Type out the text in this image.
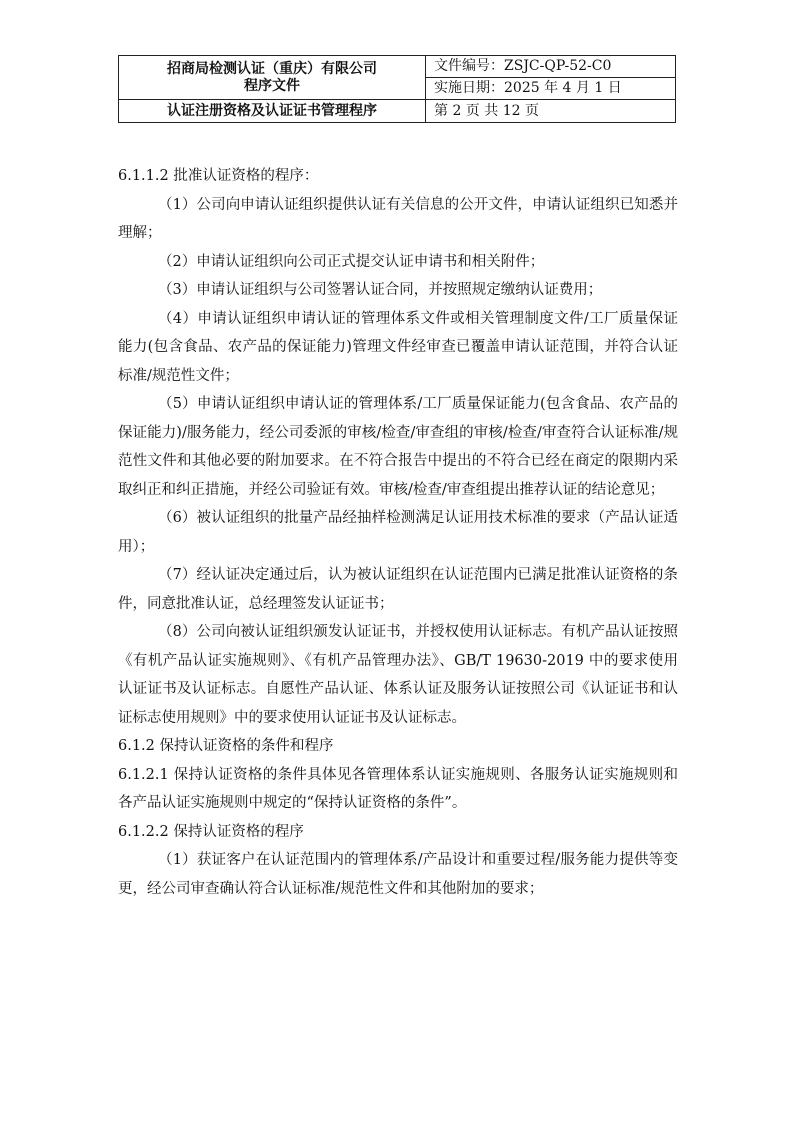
招商局检测认证（重庆）有限公司
程序文件	文件编号：ZSJC-QP-52-C0
	实施日期：2025 年 4 月 1 日
认证注册资格及认证证书管理程序	第 2 页 共 12 页

6.1.1.2 批准认证资格的程序：

（1）公司向申请认证组织提供认证有关信息的公开文件，申请认证组织已知悉并理解；

（2）申请认证组织向公司正式提交认证申请书和相关附件；

（3）申请认证组织与公司签署认证合同，并按照规定缴纳认证费用；

（4）申请认证组织申请认证的管理体系文件或相关管理制度文件/工厂质量保证能力(包含食品、农产品的保证能力)管理文件经审查已覆盖申请认证范围，并符合认证标准/规范性文件；

（5）申请认证组织申请认证的管理体系/工厂质量保证能力(包含食品、农产品的保证能力)/服务能力，经公司委派的审核/检查/审查组的审核/检查/审查符合认证标准/规范性文件和其他必要的附加要求。在不符合报告中提出的不符合已经在商定的限期内采取纠正和纠正措施，并经公司验证有效。审核/检查/审查组提出推荐认证的结论意见；

（6）被认证组织的批量产品经抽样检测满足认证用技术标准的要求（产品认证适用）；

（7）经认证决定通过后，认为被认证组织在认证范围内已满足批准认证资格的条件，同意批准认证，总经理签发认证证书；

（8）公司向被认证组织颁发认证证书，并授权使用认证标志。有机产品认证按照《有机产品认证实施规则》、《有机产品管理办法》、GB/T 19630-2019 中的要求使用认证证书及认证标志。自愿性产品认证、体系认证及服务认证按照公司《认证证书和认证标志使用规则》中的要求使用认证证书及认证标志。

6.1.2 保持认证资格的条件和程序

6.1.2.1 保持认证资格的条件具体见各管理体系认证实施规则、各服务认证实施规则和各产品认证实施规则中规定的“保持认证资格的条件”。

6.1.2.2 保持认证资格的程序

（1）获证客户在认证范围内的管理体系/产品设计和重要过程/服务能力提供等变更，经公司审查确认符合认证标准/规范性文件和其他附加的要求；
